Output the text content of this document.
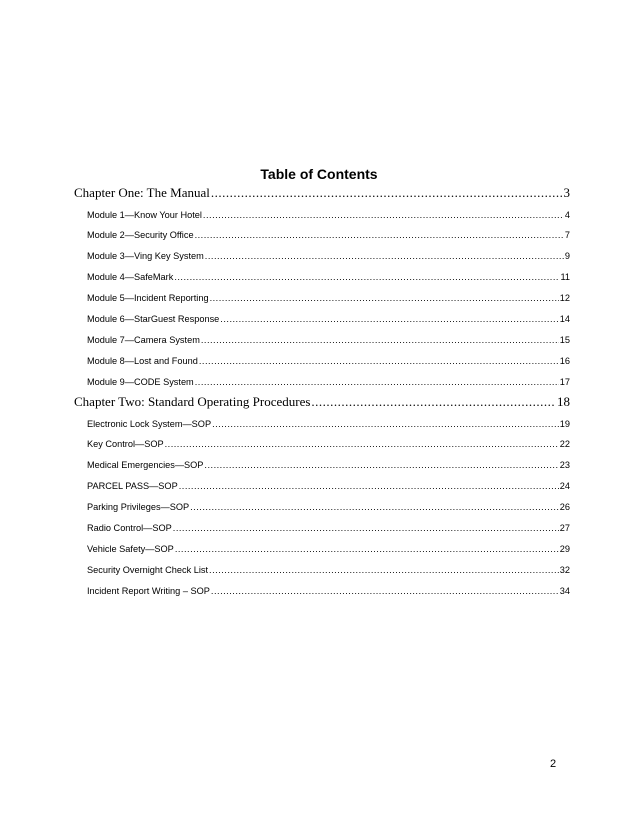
Table of Contents
Chapter One: The Manual .....	3
Module 1—Know Your Hotel .....	4
Module 2—Security Office .....	7
Module 3—Ving Key System .....	9
Module 4—SafeMark .....	11
Module 5—Incident Reporting .....	12
Module 6—StarGuest Response .....	14
Module 7—Camera System .....	15
Module 8—Lost and Found .....	16
Module 9—CODE System .....	17
Chapter Two: Standard Operating Procedures .....	18
Electronic Lock System—SOP .....	19
Key Control—SOP .....	22
Medical Emergencies—SOP .....	23
PARCEL PASS—SOP .....	24
Parking Privileges—SOP .....	26
Radio Control—SOP .....	27
Vehicle Safety—SOP .....	29
Security Overnight Check List .....	32
Incident Report Writing – SOP .....	34
2
